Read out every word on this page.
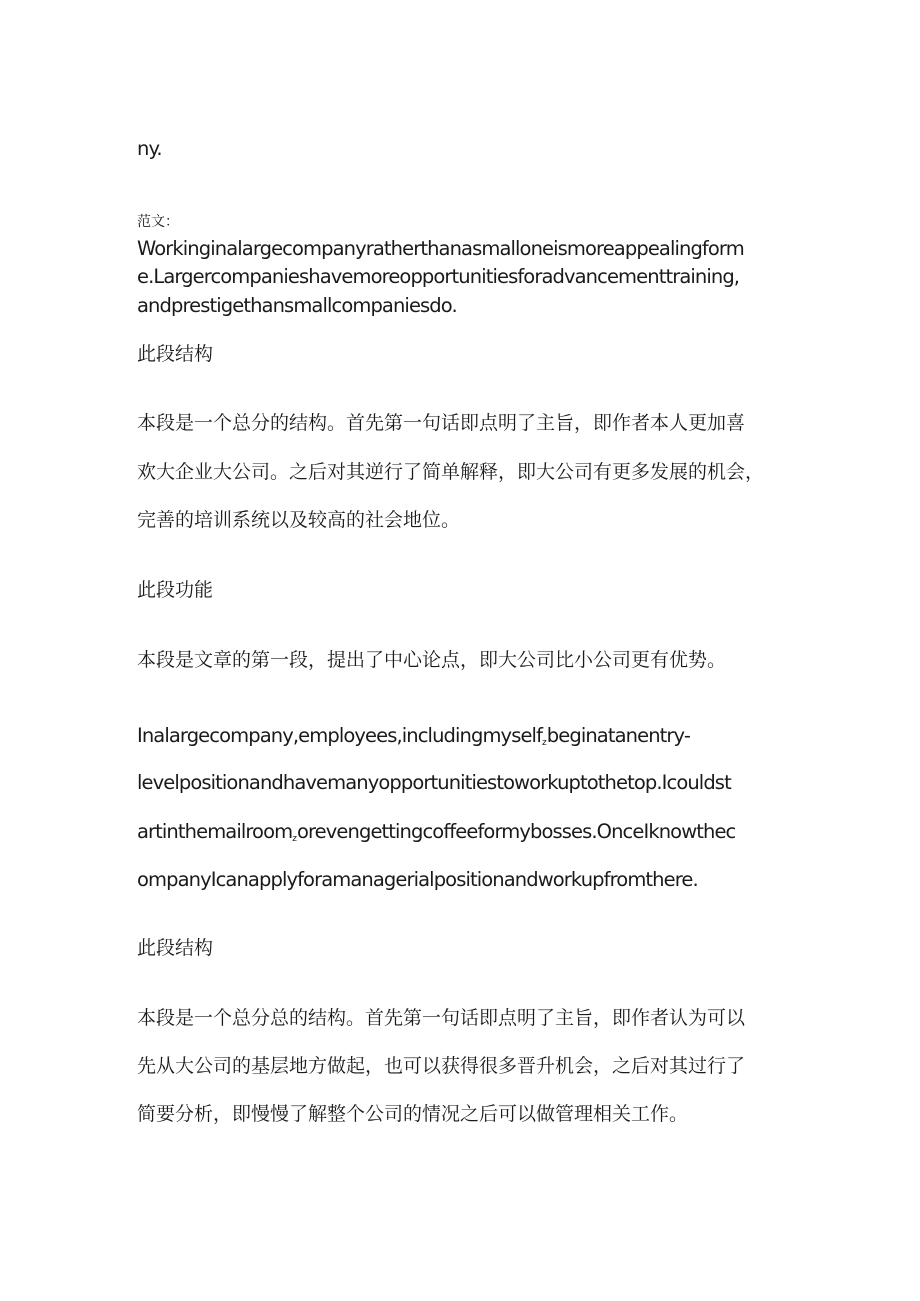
ny.
范文：
Workinginalargecompanyratherthanasmalloneismoreappealingform
e.Largercompanieshavemoreopportunitiesforadvancementtraining,
andprestigethansmallcompaniesdo.
此段结构
本段是一个总分的结构。首先第一句话即点明了主旨，即作者本人更加喜
欢大企业大公司。之后对其逆行了简单解释，即大公司有更多发展的机会，
完善的培训系统以及较高的社会地位。
此段功能
本段是文章的第一段，提出了中心论点，即大公司比小公司更有优势。
Inalargecompany,employees,includingmyself$_z$beginatanentry-
levelpositionandhavemanyopportunitiestoworkuptothetop.Icouldst
artinthemailroom$_z$orevengettingcoffeeformybosses.OnceIknowthec
ompanyIcanapplyforamanagerialpositionandworkupfromthere.
此段结构
本段是一个总分总的结构。首先第一句话即点明了主旨，即作者认为可以
先从大公司的基层地方做起，也可以获得很多晋升机会，之后对其过行了
简要分析，即慢慢了解整个公司的情况之后可以做管理相关工作。
